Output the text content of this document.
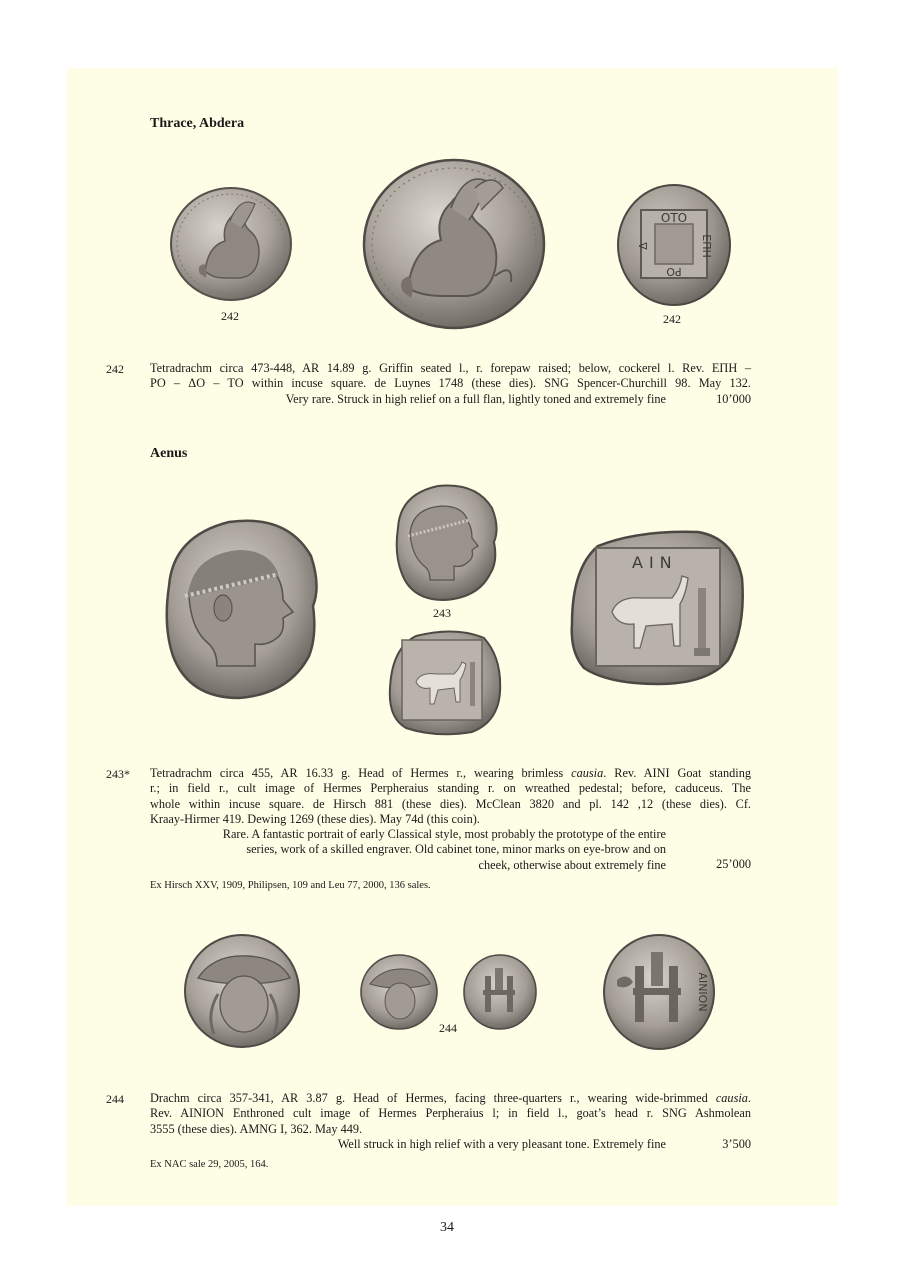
Thrace, Abdera
ΟΤΟ
ΕΠΗ
ΡΟ
Δ
242	242
242 Tetradrachm circa 473-448, AR 14.89 g. Griffin seated l., r. forepaw raised; below, cockerel l. Rev. ΕΠΗ –
PO – ΔO – TO within incuse square. de Luynes 1748 (these dies). SNG Spencer-Churchill 98. May 132.
Very rare. Struck in high relief on a full flan, lightly toned and extremely fine	10’000
Aenus
ΑΙΝ
243
243* Tetradrachm circa 455, AR 16.33 g. Head of Hermes r., wearing brimless causia. Rev. AINI Goat standing
r.; in field r., cult image of Hermes Perpheraius standing r. on wreathed pedestal; before, caduceus. The
whole within incuse square. de Hirsch 881 (these dies). McClean 3820 and pl. 142 ,12 (these dies). Cf.
Kraay-Hirmer 419. Dewing 1269 (these dies). May 74d (this coin).
Rare. A fantastic portrait of early Classical style, most probably the prototype of the entire
series, work of a skilled engraver. Old cabinet tone, minor marks on eye-brow and on
cheek, otherwise about extremely fine	25’000
Ex Hirsch XXV, 1909, Philipsen, 109 and Leu 77, 2000, 136 sales.
ΑΙΝΙΟΝ
244
244 Drachm circa 357-341, AR 3.87 g. Head of Hermes, facing three-quarters r., wearing wide-brimmed causia.
Rev. AINION Enthroned cult image of Hermes Perpheraius l; in field l., goat’s head r. SNG Ashmolean
3555 (these dies). AMNG I, 362. May 449.
Well struck in high relief with a very pleasant tone. Extremely fine	3’500
Ex NAC sale 29, 2005, 164.
34
